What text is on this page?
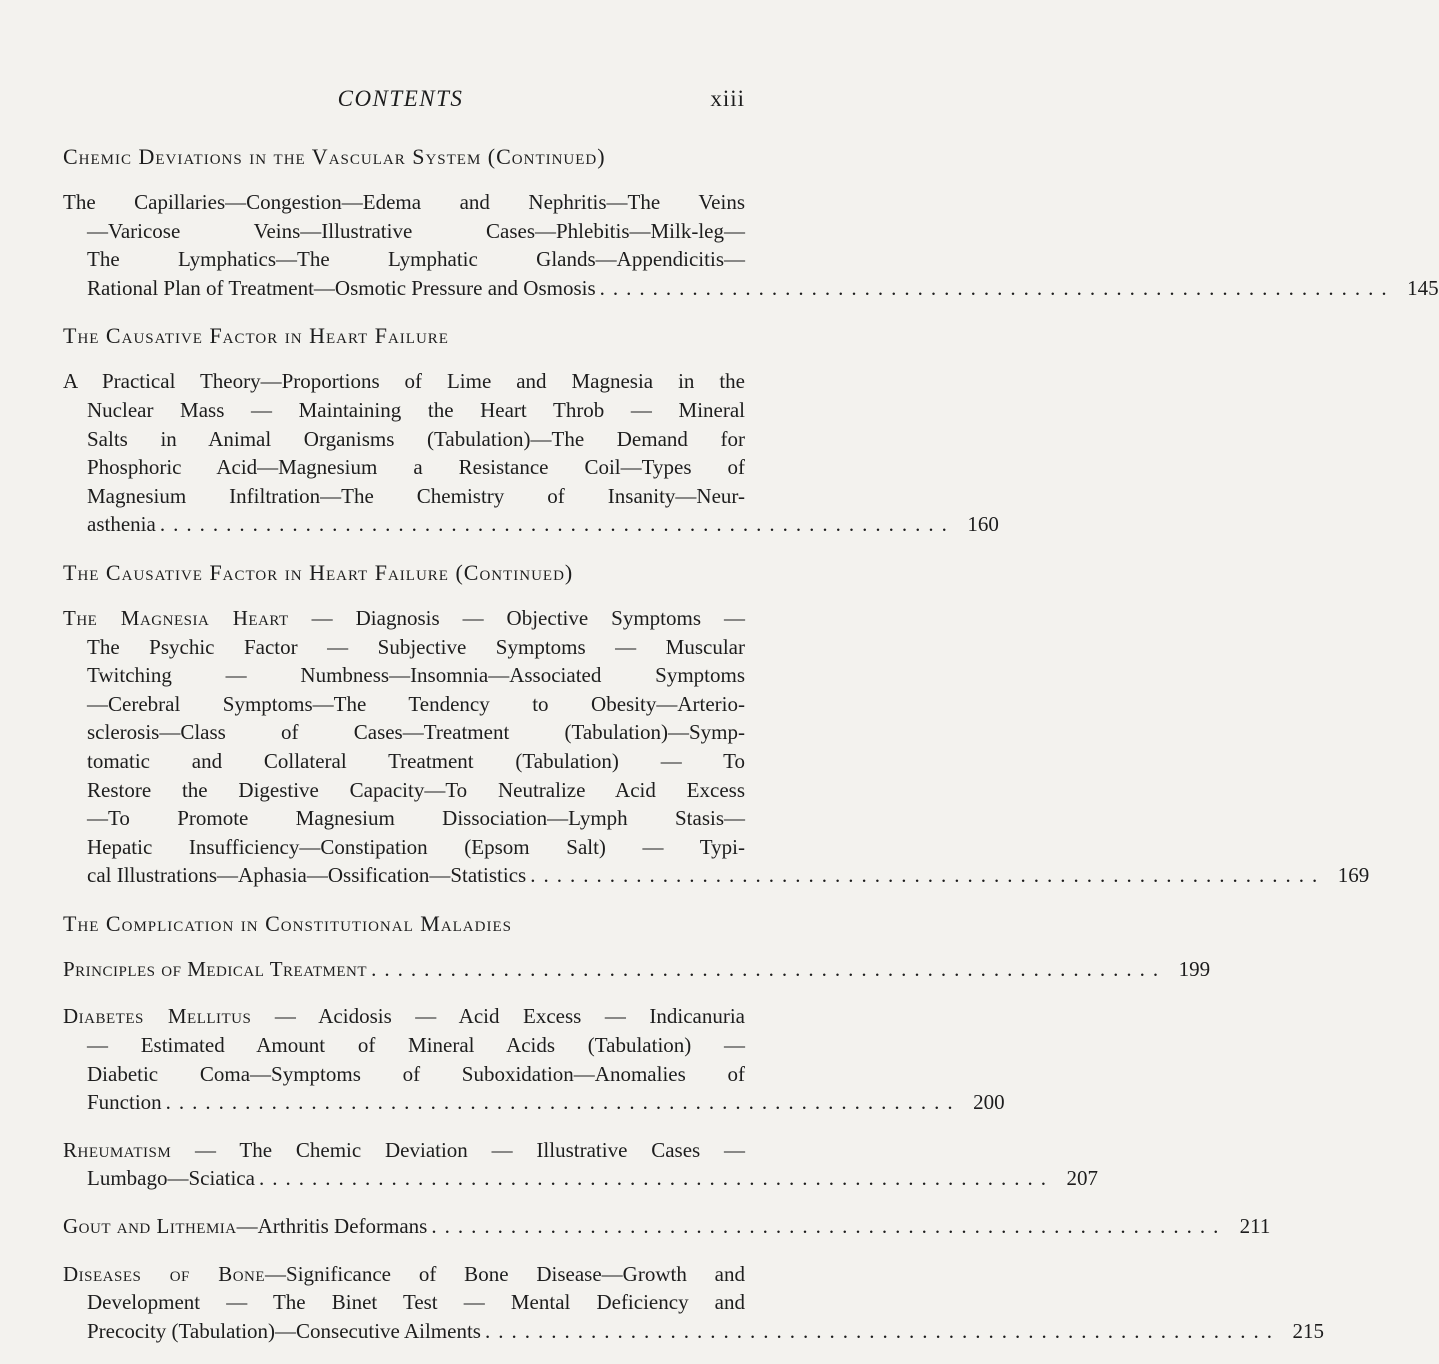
CONTENTS	xiii
Chemic Deviations in the Vascular System (Continued)

The Capillaries—Congestion—Edema and Nephritis—The Veins

—Varicose Veins—Illustrative Cases—Phlebitis—Milk-leg—

The Lymphatics—The Lymphatic Glands—Appendicitis—

Rational Plan of Treatment—Osmotic Pressure and Osmosis ............................................................ 145
The Causative Factor in Heart Failure

A Practical Theory—Proportions of Lime and Magnesia in the

Nuclear Mass — Maintaining the Heart Throb — Mineral

Salts in Animal Organisms (Tabulation)—The Demand for

Phosphoric Acid—Magnesium a Resistance Coil—Types of

Magnesium Infiltration—The Chemistry of Insanity—Neur-

asthenia ............................................................ 160
The Causative Factor in Heart Failure (Continued)

The Magnesia Heart — Diagnosis — Objective Symptoms —

The Psychic Factor — Subjective Symptoms — Muscular

Twitching — Numbness—Insomnia—Associated Symptoms

—Cerebral Symptoms—The Tendency to Obesity—Arterio-

sclerosis—Class of Cases—Treatment (Tabulation)—Symp-

tomatic and Collateral Treatment (Tabulation) — To

Restore the Digestive Capacity—To Neutralize Acid Excess

—To Promote Magnesium Dissociation—Lymph Stasis—

Hepatic Insufficiency—Constipation (Epsom Salt) — Typi-

cal Illustrations—Aphasia—Ossification—Statistics ............................................................ 169
The Complication in Constitutional Maladies
Principles of Medical Treatment ............................................................ 199

Diabetes Mellitus — Acidosis — Acid Excess — Indicanuria

— Estimated Amount of Mineral Acids (Tabulation) —

Diabetic Coma—Symptoms of Suboxidation—Anomalies of

Function ............................................................ 200

Rheumatism — The Chemic Deviation — Illustrative Cases —

Lumbago—Sciatica ............................................................ 207
Gout and Lithemia—Arthritis Deformans ............................................................ 211

Diseases of Bone—Significance of Bone Disease—Growth and

Development — The Binet Test — Mental Deficiency and

Precocity (Tabulation)—Consecutive Ailments ............................................................ 215
